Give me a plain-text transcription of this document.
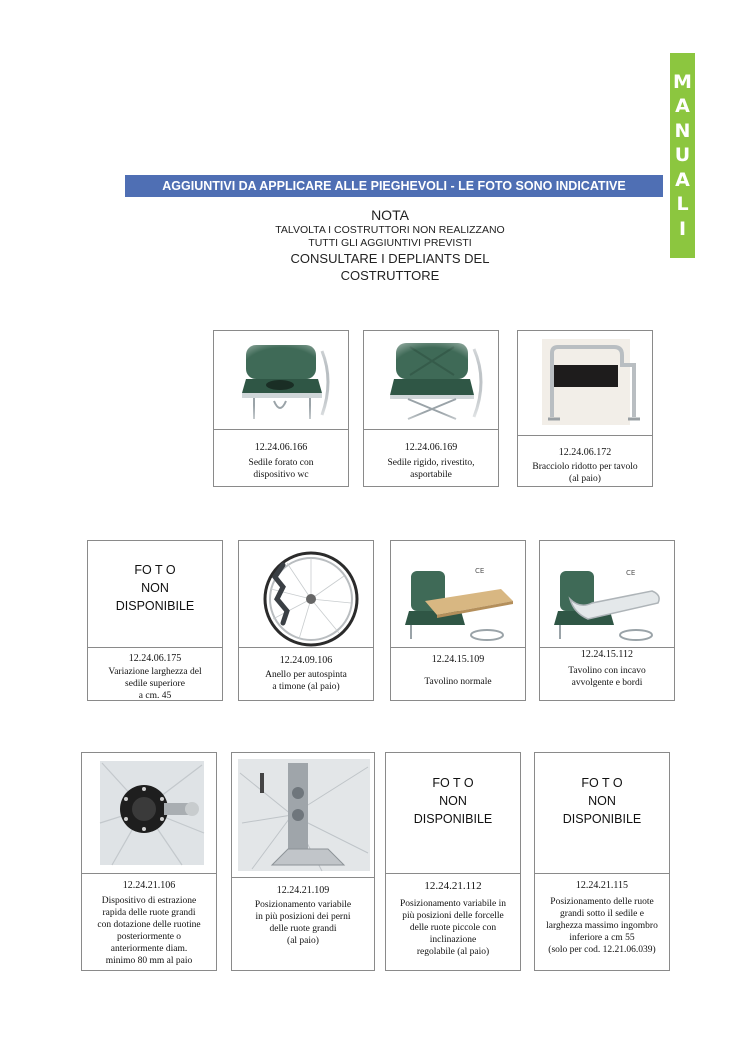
M
A
N
U
A
L
I
AGGIUNTIVI DA APPLICARE ALLE PIEGHEVOLI - LE FOTO SONO INDICATIVE
NOTA
TALVOLTA I COSTRUTTORI NON REALIZZANO
TUTTI GLI AGGIUNTIVI PREVISTI
CONSULTARE I DEPLIANTS DEL COSTRUTTORE
12.24.06.166
Sedile forato con
dispositivo wc
12.24.06.169
Sedile rigido, rivestito,
asportabile
12.24.06.172
Bracciolo ridotto per tavolo
(al paio)
FO T O
NON
DISPONIBILE
12.24.06.175
Variazione larghezza del
sedile superiore
a cm. 45
12.24.09.106
Anello per autospinta
a timone (al paio)
CE
12.24.15.109
Tavolino normale
CE
12.24.15.112
Tavolino con incavo
avvolgente e bordi
12.24.21.106
Dispositivo di estrazione
rapida delle ruote grandi
con dotazione delle ruotine
posteriormente o
anteriormente diam.
minimo 80 mm al paio
12.24.21.109
Posizionamento variabile
in più posizioni dei perni
delle ruote grandi
(al paio)
FO T O
NON
DISPONIBILE
12.24.21.112
Posizionamento variabile in
più posizioni delle forcelle
delle ruote piccole con
inclinazione
regolabile (al paio)
FO T O
NON
DISPONIBILE
12.24.21.115
Posizionamento delle ruote
grandi sotto il sedile e
larghezza massimo ingombro
inferiore a cm 55
(solo per cod. 12.21.06.039)
